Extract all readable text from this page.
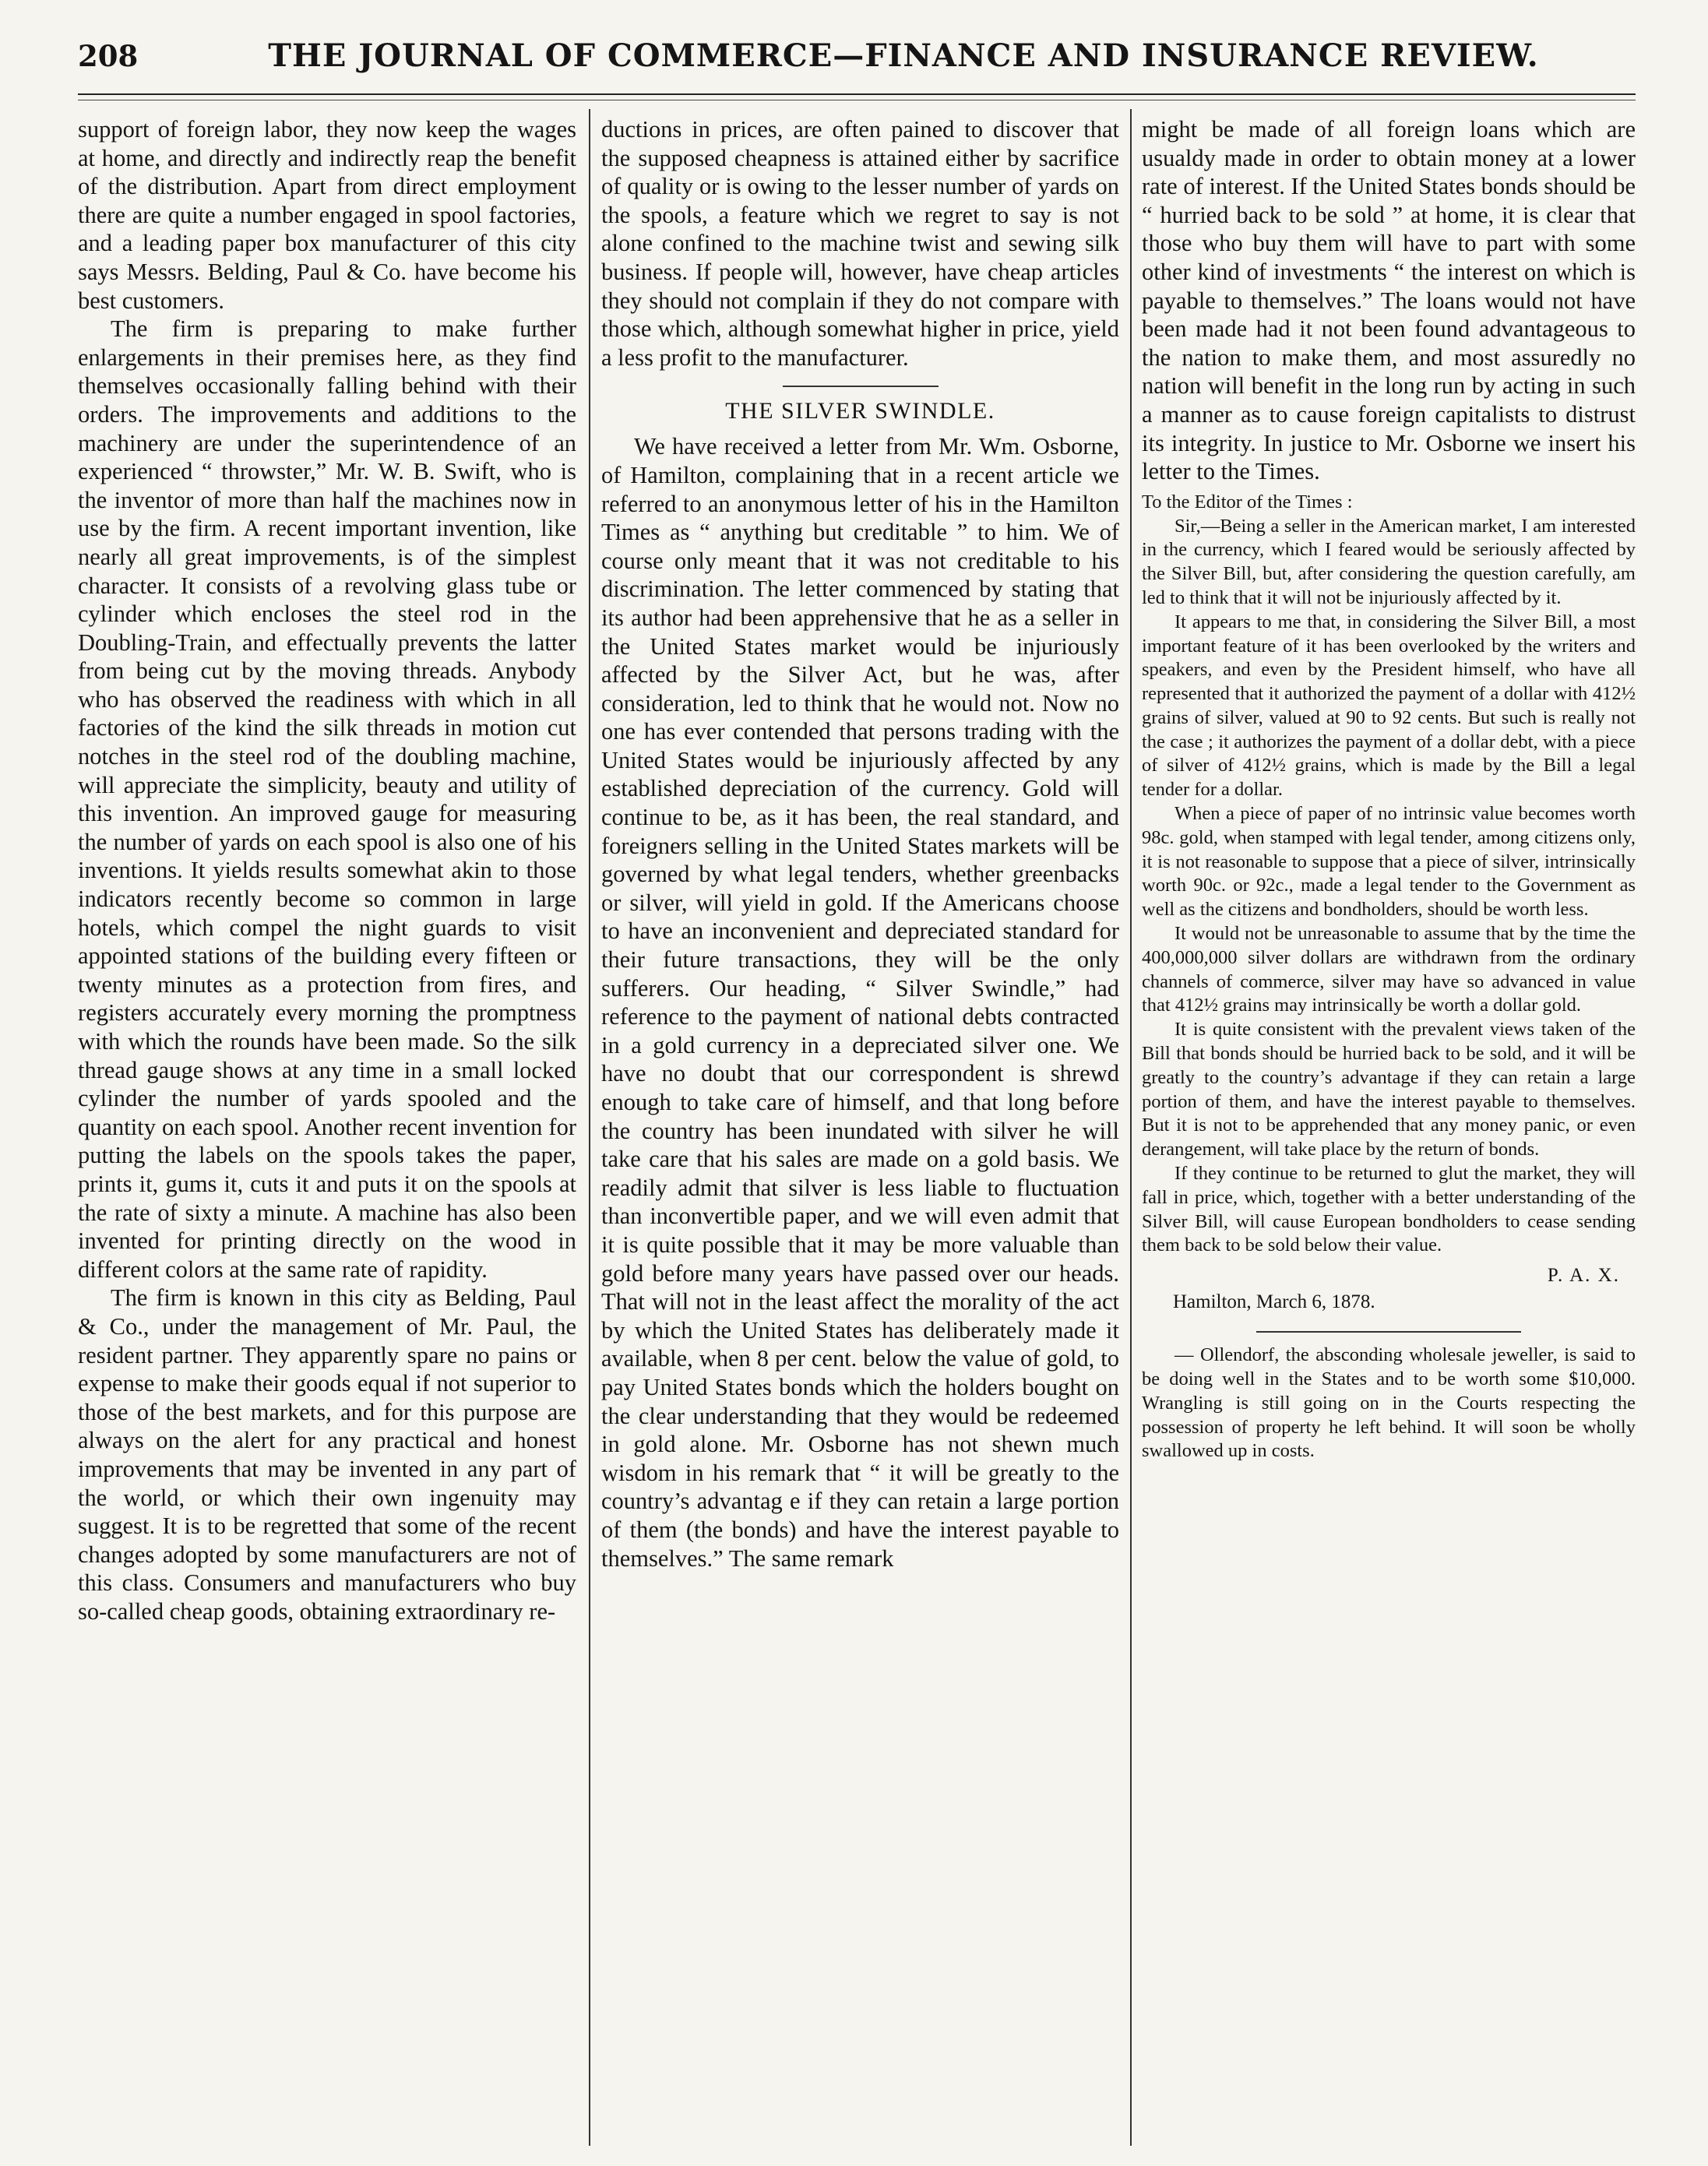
208	THE JOURNAL OF COMMERCE—FINANCE AND INSURANCE REVIEW.

support of foreign labor, they now keep the wages at home, and directly and indirectly reap the benefit of the distribution. Apart from direct employment there are quite a number engaged in spool factories, and a leading paper box manufacturer of this city says Messrs. Belding, Paul & Co. have become his best customers.

The firm is preparing to make further enlargements in their premises here, as they find themselves occasionally falling behind with their orders. The improvements and additions to the machinery are under the superintendence of an experienced “ throwster,” Mr. W. B. Swift, who is the inventor of more than half the machines now in use by the firm. A recent important invention, like nearly all great improvements, is of the simplest character. It consists of a revolving glass tube or cylinder which encloses the steel rod in the Doubling-Train, and effectually prevents the latter from being cut by the moving threads. Anybody who has observed the readiness with which in all factories of the kind the silk threads in motion cut notches in the steel rod of the doubling machine, will appreciate the simplicity, beauty and utility of this invention. An improved gauge for measuring the number of yards on each spool is also one of his inventions. It yields results somewhat akin to those indicators recently become so common in large hotels, which compel the night guards to visit appointed stations of the building every fifteen or twenty minutes as a protection from fires, and registers accurately every morning the promptness with which the rounds have been made. So the silk thread gauge shows at any time in a small locked cylinder the number of yards spooled and the quantity on each spool. Another recent invention for putting the labels on the spools takes the paper, prints it, gums it, cuts it and puts it on the spools at the rate of sixty a minute. A machine has also been invented for printing directly on the wood in different colors at the same rate of rapidity.

The firm is known in this city as Belding, Paul & Co., under the management of Mr. Paul, the resident partner. They apparently spare no pains or expense to make their goods equal if not superior to those of the best markets, and for this purpose are always on the alert for any practical and honest improvements that may be invented in any part of the world, or which their own ingenuity may suggest. It is to be regretted that some of the recent changes adopted by some manufacturers are not of this class. Consumers and manufacturers who buy so-called cheap goods, obtaining extraordinary re-

ductions in prices, are often pained to discover that the supposed cheapness is attained either by sacrifice of quality or is owing to the lesser number of yards on the spools, a feature which we regret to say is not alone confined to the machine twist and sewing silk business. If people will, however, have cheap articles they should not complain if they do not compare with those which, although somewhat higher in price, yield a less profit to the manufacturer.

THE SILVER SWINDLE.

We have received a letter from Mr. Wm. Osborne, of Hamilton, complaining that in a recent article we referred to an anonymous letter of his in the Hamilton Times as “ anything but creditable ” to him. We of course only meant that it was not creditable to his discrimination. The letter commenced by stating that its author had been apprehensive that he as a seller in the United States market would be injuriously affected by the Silver Act, but he was, after consideration, led to think that he would not. Now no one has ever contended that persons trading with the United States would be injuriously affected by any established depreciation of the currency. Gold will continue to be, as it has been, the real standard, and foreigners selling in the United States markets will be governed by what legal tenders, whether greenbacks or silver, will yield in gold. If the Americans choose to have an inconvenient and depreciated standard for their future transactions, they will be the only sufferers. Our heading, “ Silver Swindle,” had reference to the payment of national debts contracted in a gold currency in a depreciated silver one. We have no doubt that our correspondent is shrewd enough to take care of himself, and that long before the country has been inundated with silver he will take care that his sales are made on a gold basis. We readily admit that silver is less liable to fluctuation than inconvertible paper, and we will even admit that it is quite possible that it may be more valuable than gold before many years have passed over our heads. That will not in the least affect the morality of the act by which the United States has deliberately made it available, when 8 per cent. below the value of gold, to pay United States bonds which the holders bought on the clear understanding that they would be redeemed in gold alone. Mr. Osborne has not shewn much wisdom in his remark that “ it will be greatly to the country’s advantag e if they can retain a large portion of them (the bonds) and have the interest payable to themselves.” The same remark

might be made of all foreign loans which are usualdy made in order to obtain money at a lower rate of interest. If the United States bonds should be “ hurried back to be sold ” at home, it is clear that those who buy them will have to part with some other kind of investments “ the interest on which is payable to themselves.” The loans would not have been made had it not been found advantageous to the nation to make them, and most assuredly no nation will benefit in the long run by acting in such a manner as to cause foreign capitalists to distrust its integrity. In justice to Mr. Osborne we insert his letter to the Times.

To the Editor of the Times :

Sir,—Being a seller in the American market, I am interested in the currency, which I feared would be seriously affected by the Silver Bill, but, after considering the question carefully, am led to think that it will not be injuriously affected by it.

It appears to me that, in considering the Silver Bill, a most important feature of it has been overlooked by the writers and speakers, and even by the President himself, who have all represented that it authorized the payment of a dollar with 412½ grains of silver, valued at 90 to 92 cents. But such is really not the case ; it authorizes the payment of a dollar debt, with a piece of silver of 412½ grains, which is made by the Bill a legal tender for a dollar.

When a piece of paper of no intrinsic value becomes worth 98c. gold, when stamped with legal tender, among citizens only, it is not reasonable to suppose that a piece of silver, intrinsically worth 90c. or 92c., made a legal tender to the Government as well as the citizens and bondholders, should be worth less.

It would not be unreasonable to assume that by the time the 400,000,000 silver dollars are withdrawn from the ordinary channels of commerce, silver may have so advanced in value that 412½ grains may intrinsically be worth a dollar gold.

It is quite consistent with the prevalent views taken of the Bill that bonds should be hurried back to be sold, and it will be greatly to the country’s advantage if they can retain a large portion of them, and have the interest payable to themselves. But it is not to be apprehended that any money panic, or even derangement, will take place by the return of bonds.

If they continue to be returned to glut the market, they will fall in price, which, together with a better understanding of the Silver Bill, will cause European bondholders to cease sending them back to be sold below their value.

P. A. X.
Hamilton, March 6, 1878.

— Ollendorf, the absconding wholesale jeweller, is said to be doing well in the States and to be worth some $10,000. Wrangling is still going on in the Courts respecting the possession of property he left behind. It will soon be wholly swallowed up in costs.
